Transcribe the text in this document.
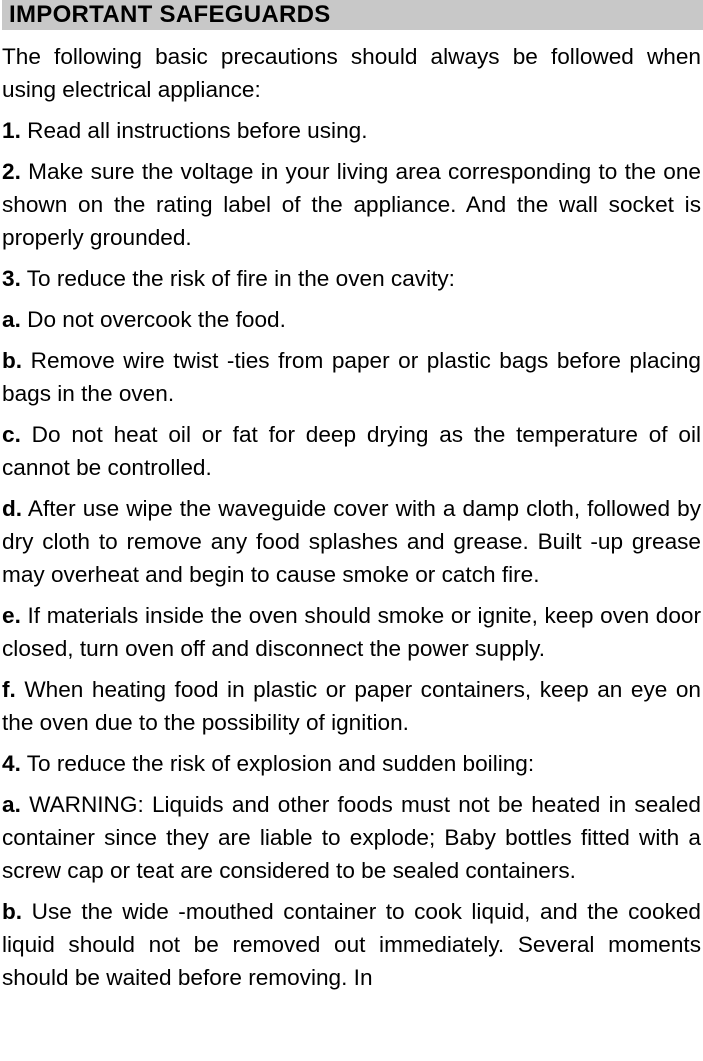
IMPORTANT SAFEGUARDS

The following basic precautions should always be followed when using electrical appliance:

1. Read all instructions before using.

2. Make sure the voltage in your living area corresponding to the one shown on the rating label of the appliance. And the wall socket is properly grounded.

3. To reduce the risk of fire in the oven cavity:

a. Do not overcook the food.

b. Remove wire twist -ties from paper or plastic bags before placing bags in the oven.

c. Do not heat oil or fat for deep drying as the temperature of oil cannot be controlled.

d. After use wipe the waveguide cover with a damp cloth, followed by dry cloth to remove any food splashes and grease. Built -up grease may overheat and begin to cause smoke or catch fire.

e. If materials inside the oven should smoke or ignite, keep oven door closed, turn oven off and disconnect the power supply.

f. When heating food in plastic or paper containers, keep an eye on the oven due to the possibility of ignition.

4. To reduce the risk of explosion and sudden boiling:

a. WARNING: Liquids and other foods must not be heated in sealed container since they are liable to explode; Baby bottles fitted with a screw cap or teat are considered to be sealed containers.

b. Use the wide -mouthed container to cook liquid, and the cooked liquid should not be removed out immediately. Several moments should be waited before removing. In
